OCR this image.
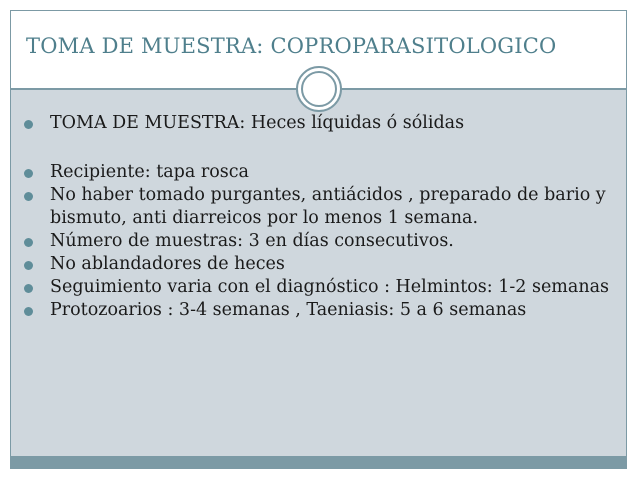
TOMA DE MUESTRA: COPROPARASITOLOGICO
TOMA DE MUESTRA: Heces líquidas ó sólidas
Recipiente: tapa rosca
No haber tomado purgantes, antiácidos , preparado de bario y bismuto, anti diarreicos por lo menos 1 semana.
Número de muestras: 3 en días consecutivos.
No ablandadores de heces
Seguimiento varia con el diagnóstico : Helmintos: 1-2 semanas
Protozoarios : 3-4 semanas , Taeniasis: 5 a 6 semanas
